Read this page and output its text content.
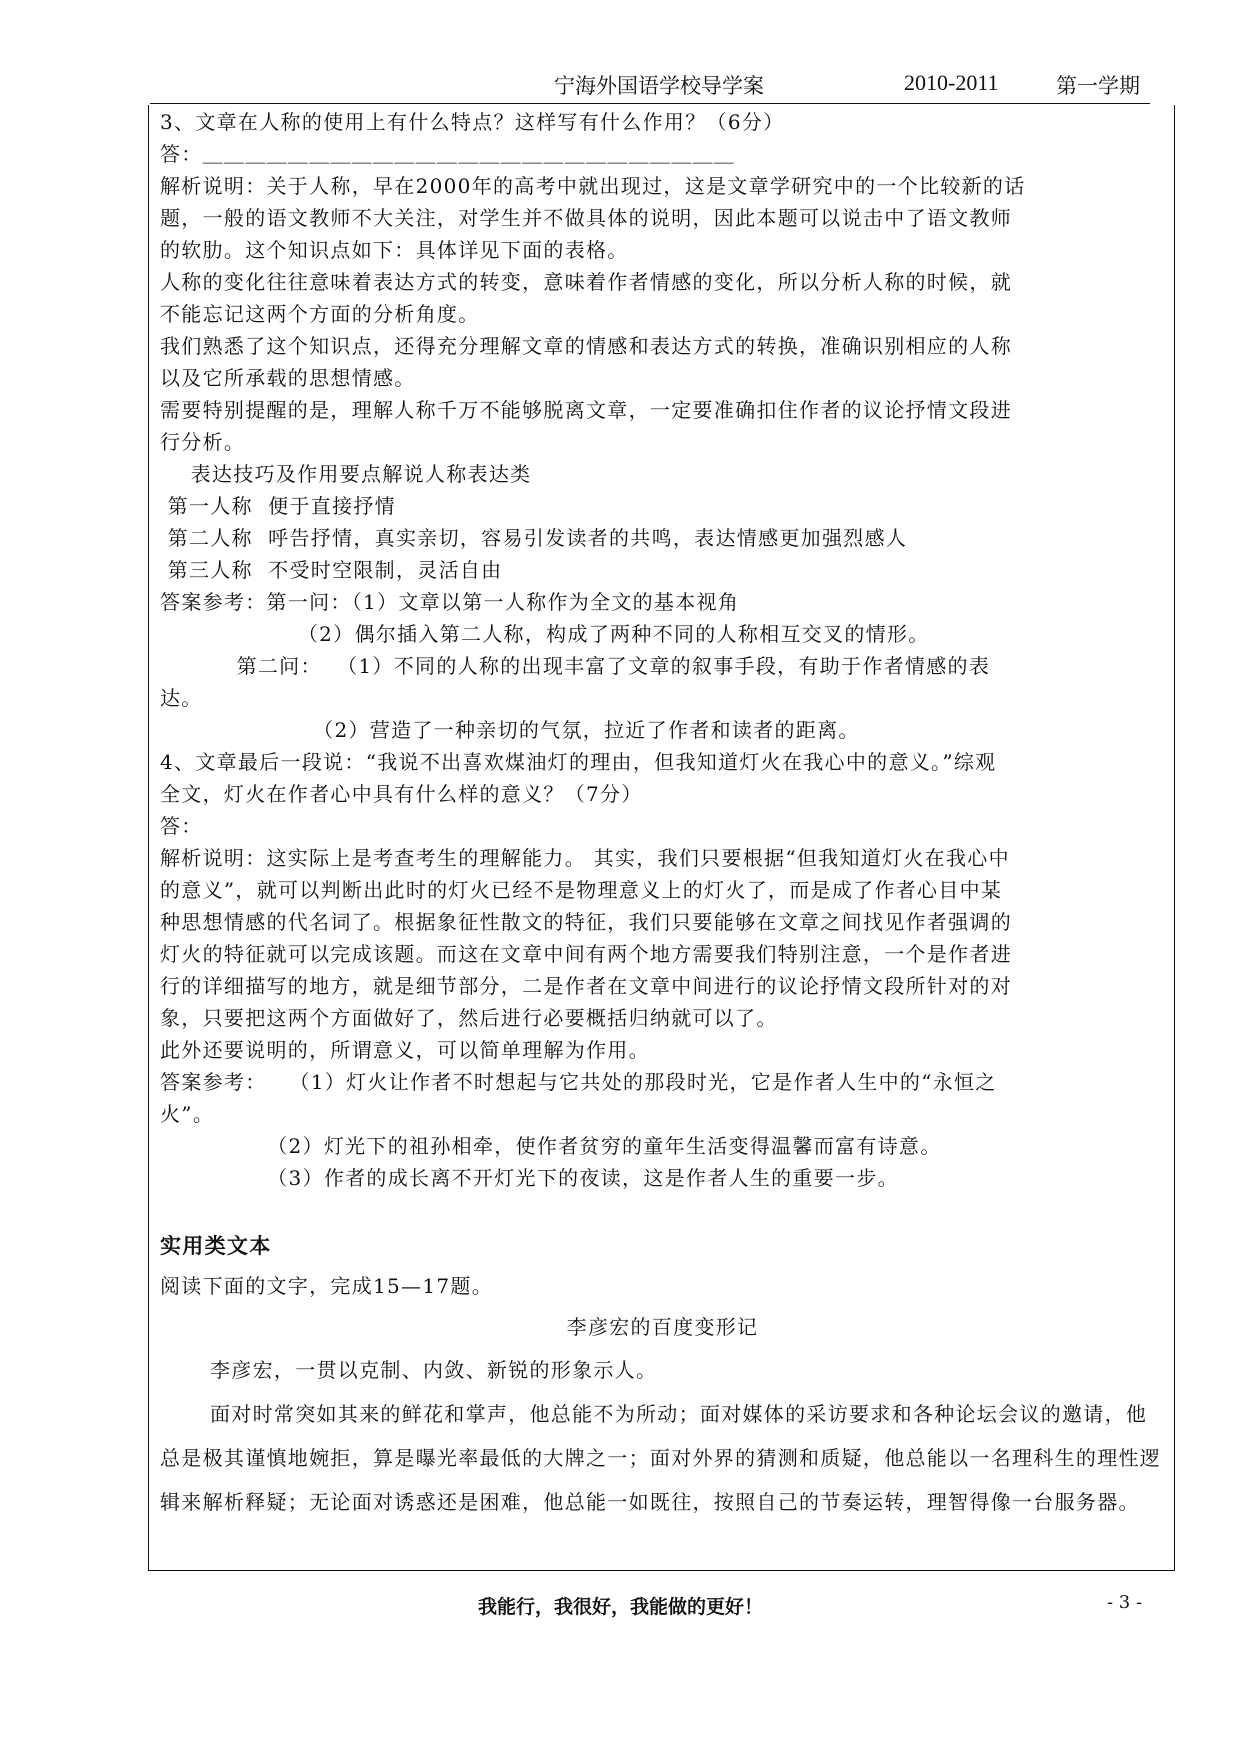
宁海外国语学校导学案	2010-2011	第一学期
3、文章在人称的使用上有什么特点？这样写有什么作用？（6分）
答：＿＿＿＿＿＿＿＿＿＿＿＿＿＿＿＿＿＿＿＿＿＿＿＿＿
解析说明：关于人称，早在2000年的高考中就出现过，这是文章学研究中的一个比较新的话
题，一般的语文教师不大关注，对学生并不做具体的说明，因此本题可以说击中了语文教师
的软肋。这个知识点如下：具体详见下面的表格。
人称的变化往往意味着表达方式的转变，意味着作者情感的变化，所以分析人称的时候，就
不能忘记这两个方面的分析角度。
我们熟悉了这个知识点，还得充分理解文章的情感和表达方式的转换，准确识别相应的人称
以及它所承载的思想情感。
需要特别提醒的是，理解人称千万不能够脱离文章，一定要准确扣住作者的议论抒情文段进
行分析。
表达技巧及作用要点解说人称表达类
第一人称  便于直接抒情
第二人称  呼告抒情，真实亲切，容易引发读者的共鸣，表达情感更加强烈感人
第三人称  不受时空限制，灵活自由
答案参考：第一问：（1）文章以第一人称作为全文的基本视角
（2）偶尔插入第二人称，构成了两种不同的人称相互交叉的情形。
第二问：  （1）不同的人称的出现丰富了文章的叙事手段，有助于作者情感的表
达。
（2）营造了一种亲切的气氛，拉近了作者和读者的距离。
4、文章最后一段说：“我说不出喜欢煤油灯的理由，但我知道灯火在我心中的意义。”综观
全文，灯火在作者心中具有什么样的意义？（7分）
答：
解析说明：这实际上是考查考生的理解能力。 其实，我们只要根据“但我知道灯火在我心中
的意义”，就可以判断出此时的灯火已经不是物理意义上的灯火了，而是成了作者心目中某
种思想情感的代名词了。根据象征性散文的特征，我们只要能够在文章之间找见作者强调的
灯火的特征就可以完成该题。而这在文章中间有两个地方需要我们特别注意，一个是作者进
行的详细描写的地方，就是细节部分，二是作者在文章中间进行的议论抒情文段所针对的对
象，只要把这两个方面做好了，然后进行必要概括归纳就可以了。
此外还要说明的，所谓意义，可以简单理解为作用。
答案参考：   （1）灯火让作者不时想起与它共处的那段时光，它是作者人生中的“永恒之
火”。
（2）灯光下的祖孙相牵，使作者贫穷的童年生活变得温馨而富有诗意。
（3）作者的成长离不开灯光下的夜读，这是作者人生的重要一步。
实用类文本
阅读下面的文字，完成15—17题。
李彦宏的百度变形记
李彦宏，一贯以克制、内敛、新锐的形象示人。
面对时常突如其来的鲜花和掌声，他总能不为所动；面对媒体的采访要求和各种论坛会议的邀请，他总是极其谨慎地婉拒，算是曝光率最低的大牌之一；面对外界的猜测和质疑，他总能以一名理科生的理性逻辑来解析释疑；无论面对诱惑还是困难，他总能一如既往，按照自己的节奏运转，理智得像一台服务器。
我能行，我很好，我能做的更好！	- 3 -
